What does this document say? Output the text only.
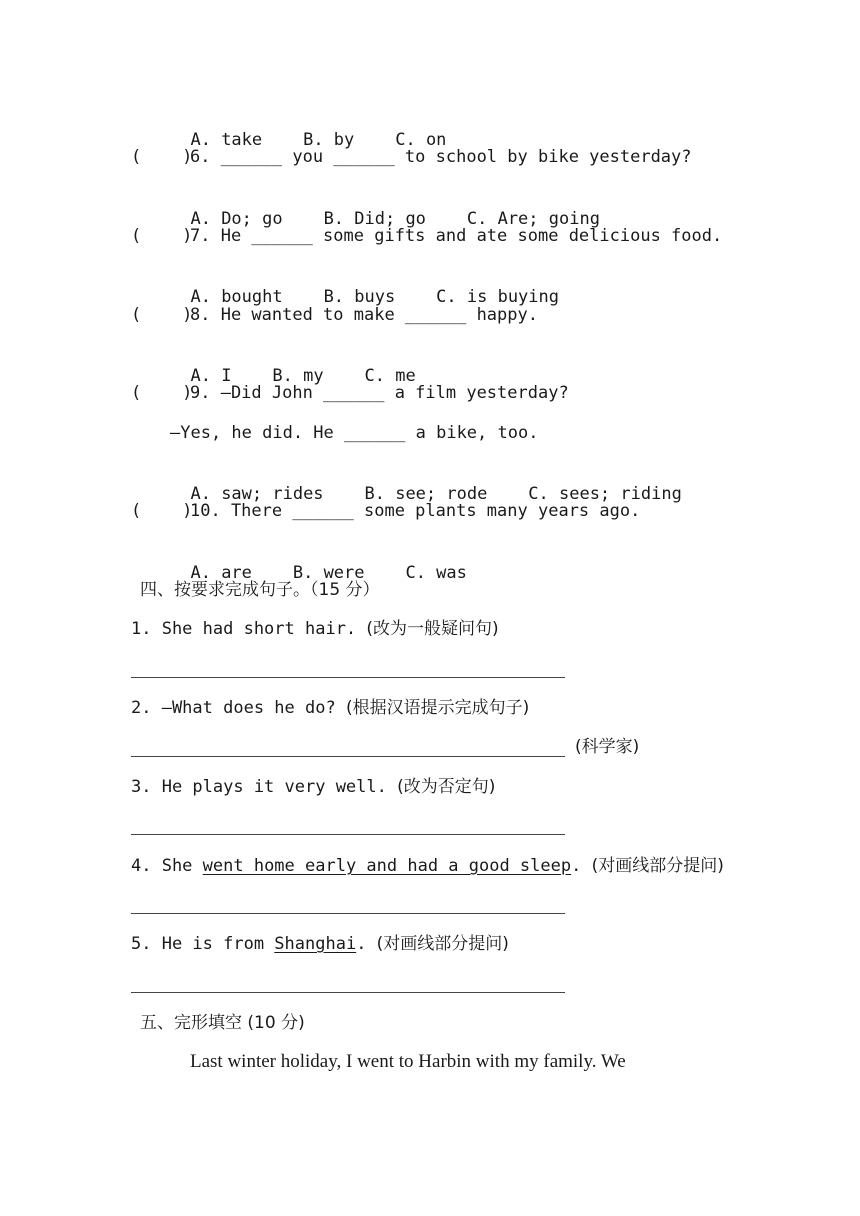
A. take B. by C. on

(    )
6. ______ you ______ to school by bike yesterday?

A. Do; go B. Did; go C. Are; going

(    )
7. He ______ some gifts and ate some delicious food.

A. bought B. buys C. is buying

(    )
8. He wanted to make ______ happy.

A. I B. my C. me

(    )
9. —Did John ______ a film yesterday?
—Yes, he did. He ______ a bike, too.

A. saw; rides B. see; rode C. sees; riding

(    )
10. There ______ some plants many years ago.

A. are B. were C. was

四、按要求完成句子。（15 分）
1. She had short hair. (改为一般疑问句)
2. —What does he do? (根据汉语提示完成句子)
(科学家)
3. He plays it very well. (改为否定句)
4. She went home early and had a good sleep. (对画线部分提问)
5. He is from Shanghai. (对画线部分提问)
五、完形填空 (10 分)
Last winter holiday, I went to Harbin with my family. We
